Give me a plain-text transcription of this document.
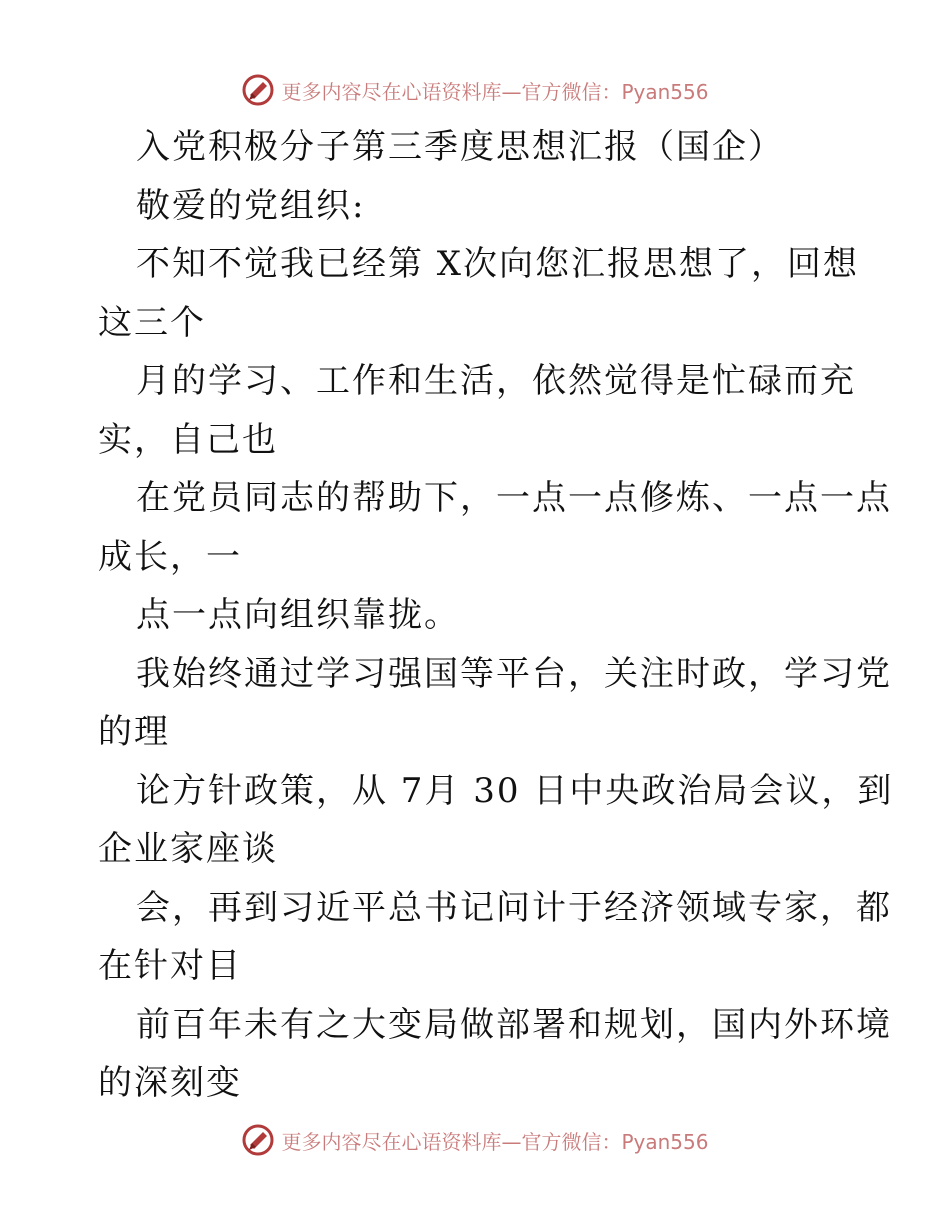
更多内容尽在心语资料库—官方微信：Pyan556
入党积极分子第三季度思想汇报（国企）
敬爱的党组织:
不知不觉我已经第 X次向您汇报思想了，回想
这三个
月的学习、工作和生活，依然觉得是忙碌而充
实，自己也
在党员同志的帮助下，一点一点修炼、一点一点
成长，一
点一点向组织靠拢。
我始终通过学习强国等平台，关注时政，学习党
的理
论方针政策，从 7月 30 日中央政治局会议，到
企业家座谈
会，再到习近平总书记问计于经济领域专家，都
在针对目
前百年未有之大变局做部署和规划，国内外环境
的深刻变
更多内容尽在心语资料库—官方微信：Pyan556
